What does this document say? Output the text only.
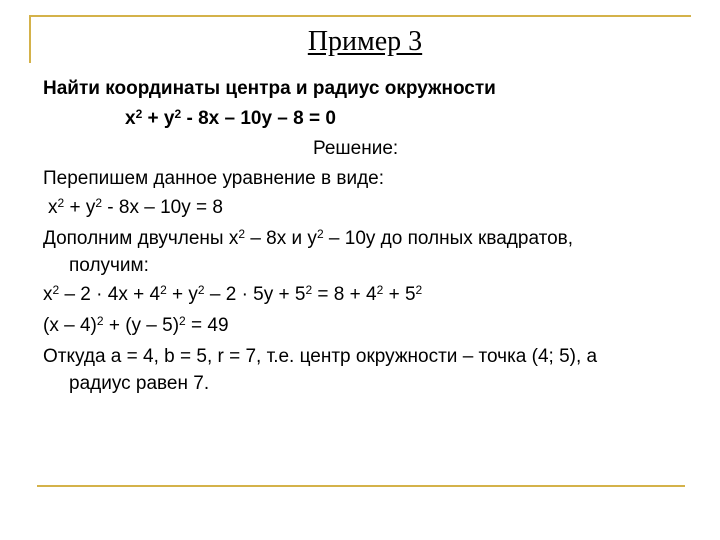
Пример 3
Найти координаты центра и радиус окружности
$x^2 + y^2 - 8x - 10y - 8 = 0$
Решение:
Перепишем данное уравнение в виде:
$x^2 + y^2 - 8x - 10y = 8$
Дополним двучлены $x^2 - 8x$ и $y^2 - 10y$ до полных квадратов,
получим:
$x^2 - 2 \cdot 4x + 4^2 + y^2 - 2 \cdot 5y + 5^2 = 8 + 4^2 + 5^2$
(x – 4)$^2$ + (y – 5)$^2$ = 49
Откуда a = 4, b = 5, r = 7, т.е. центр окружности – точка (4; 5), а
радиус равен 7.
